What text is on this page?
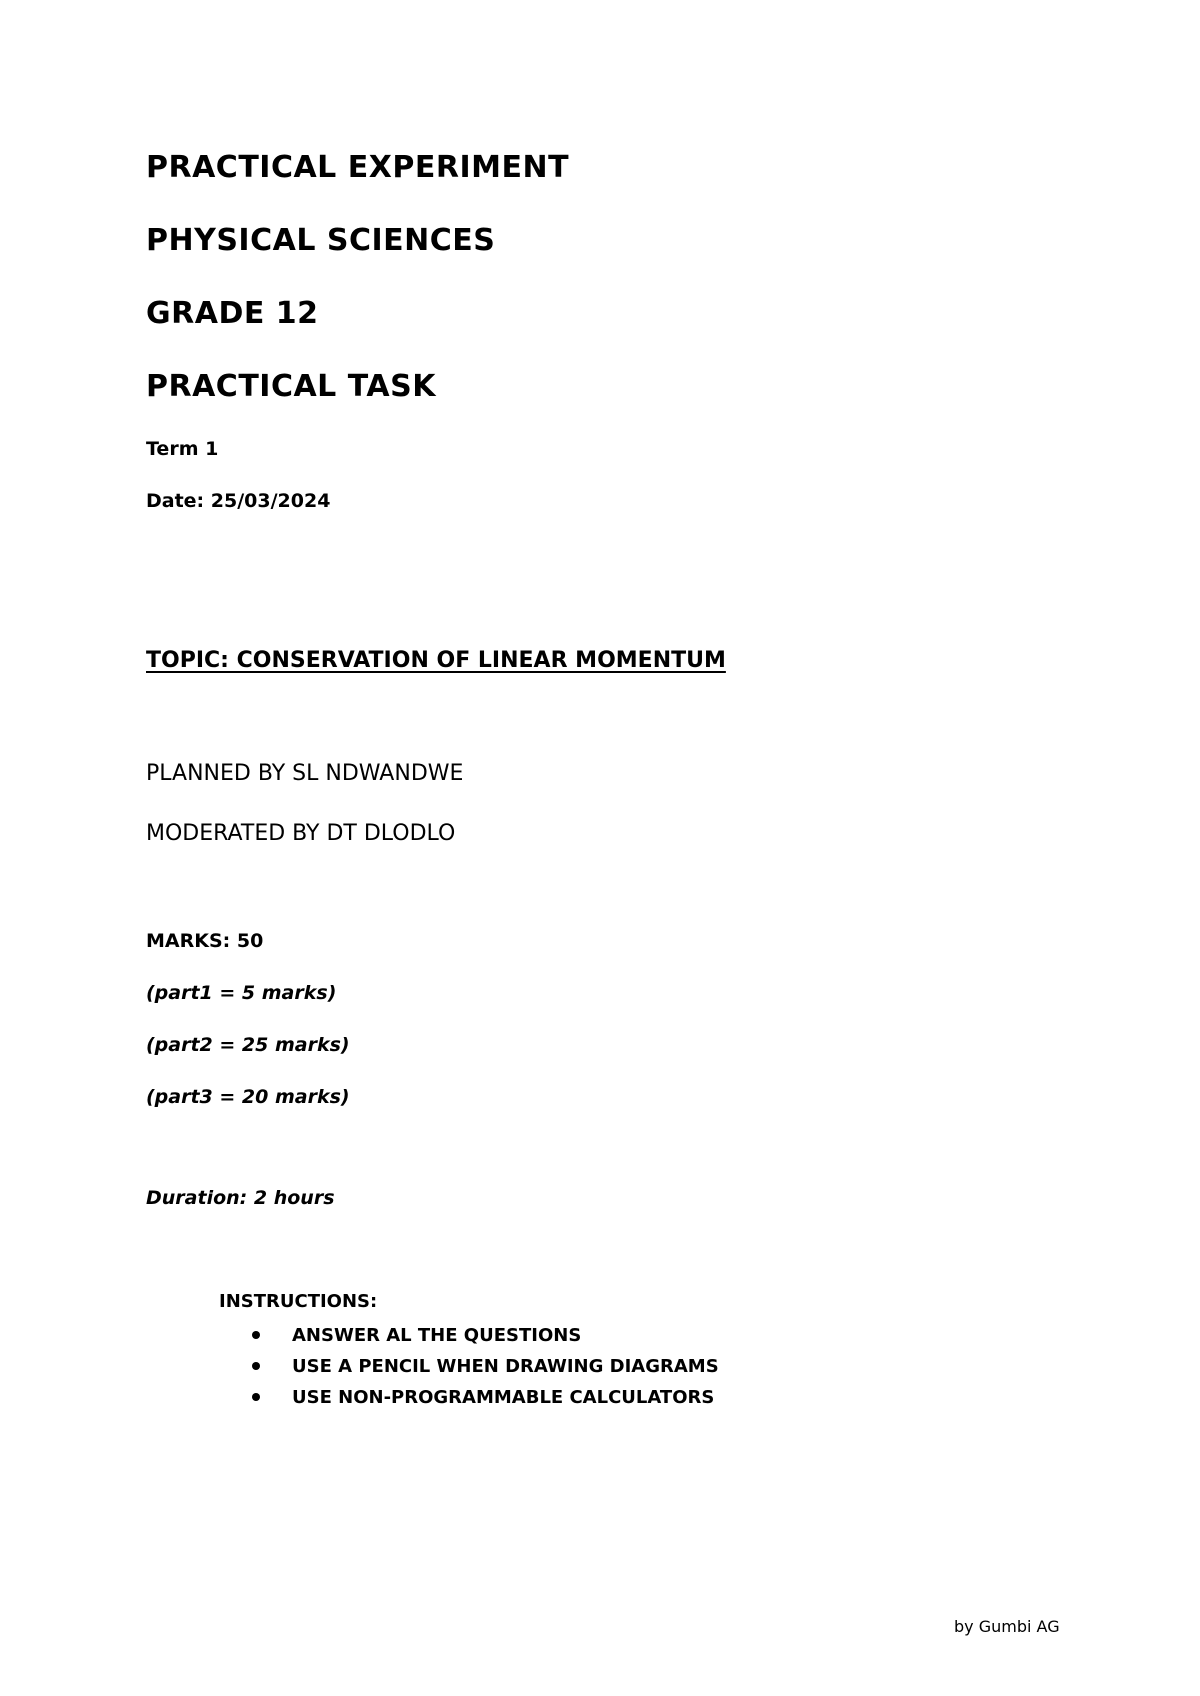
PRACTICAL EXPERIMENT
PHYSICAL SCIENCES
GRADE 12
PRACTICAL TASK

Term 1

Date: 25/03/2024

TOPIC: CONSERVATION OF LINEAR MOMENTUM

PLANNED BY SL NDWANDWE

MODERATED BY DT DLODLO

MARKS: 50

(part1 = 5 marks)

(part2 = 25 marks)

(part3 = 20 marks)

Duration: 2 hours

INSTRUCTIONS:

ANSWER AL THE QUESTIONS
USE A PENCIL WHEN DRAWING DIAGRAMS
USE NON-PROGRAMMABLE CALCULATORS

by Gumbi AG
